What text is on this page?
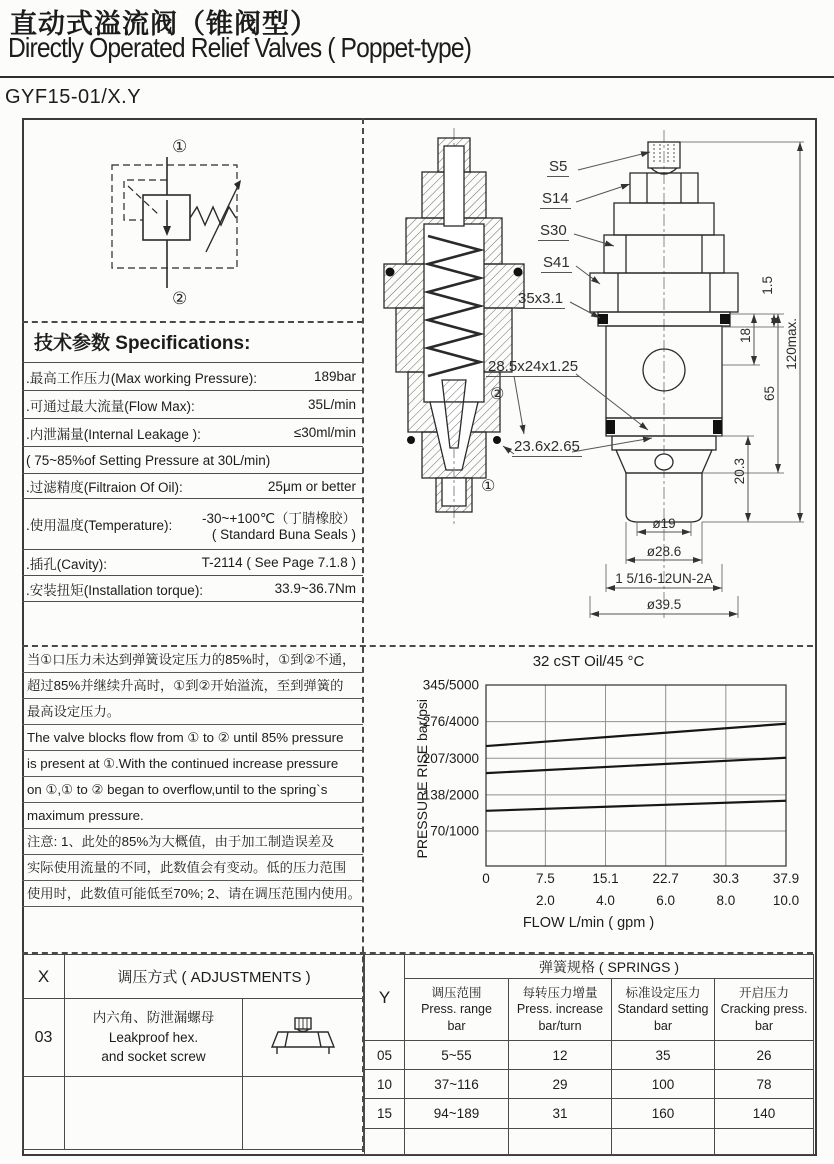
直动式溢流阀（锥阀型）
Directly Operated Relief Valves ( Poppet-type)
GYF15-01/X.Y
①
②
技术参数 Specifications:
.最高工作压力(Max working Pressure):	189bar
.可通过最大流量(Flow Max):	35L/min
.内泄漏量(Internal Leakage ):	≤30ml/min
( 75~85%of Setting Pressure at 30L/min)
.过滤精度(Filtraion Of Oil):	25μm or better
.使用温度(Temperature): -30~+100℃（丁腈橡胶）
( Standard Buna Seals )
.插孔(Cavity):	T-2114 ( See Page 7.1.8 )
.安装扭矩(Installation torque):	33.9~36.7Nm
当①口压力未达到弹簧设定压力的85%时，①到②不通，
超过85%并继续升高时，①到②开始溢流，至到弹簧的
最高设定压力。
The valve blocks flow from ① to ② until 85% pressure
is present at ①.With the continued increase pressure
on ①,① to ② began to overflow,until to the spring`s
maximum pressure.
注意: 1、此处的85%为大概值，由于加工制造误差及
实际使用流量的不同，此数值会有变动。低的压力范围
使用时，此数值可能低至70%; 2、请在调压范围内使用。
S5
S14
S30
S41
35x3.1
28.5x24x1.25
②
23.6x2.65
①
1.5
18
65
20.3
120max.
ø19
ø28.6
1 5/16-12UN-2A
ø39.5
32 cST Oil/45 °C
PRESSURE RISE bar/psi
345/5000
276/4000
207/3000
138/2000
70/1000
0	7.5
2.0
15.1
4.0
22.7
6.0
30.3
8.0
37.9
10.0
FLOW L/min ( gpm )
X	调压方式 ( ADJUSTMENTS )	
03	内六角、防泄漏螺母
Leakproof hex.
and socket screw

Y	弹簧规格 ( SPRINGS )			

调压范围
Press. range
bar

每转压力增量
Press. increase
bar/turn

标准设定压力
Standard setting
bar

开启压力
Cracking press.
bar

05	5~55	12	35	26
10	37~116	29	100	78
15	94~189	31	160	140
